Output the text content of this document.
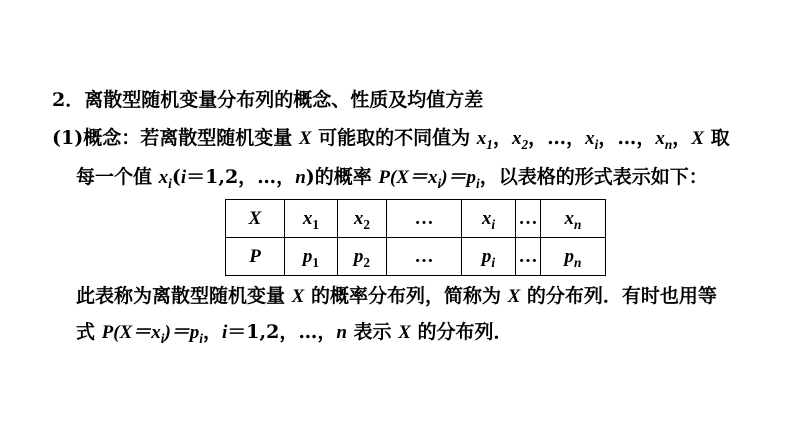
2．离散型随机变量分布列的概念、性质及均值方差
(1)概念：若离散型随机变量 X 可能取的不同值为 $x_1$，$x_2$，…，$x_i$，…，$x_n$，X 取
每一个值 $x_i(i=1,2$，…，n)的概率 $P(X=x_i)=p_i$，以表格的形式表示如下：
X	$x_1$	$x_2$	…	$x_i$	…	$x_n$
P	$p_1$	$p_2$	…	$p_i$	…	$p_n$
此表称为离散型随机变量 X 的概率分布列，简称为 X 的分布列．有时也用等
式 $P(X=x_i)=p_i$，i＝1,2，…，n 表示 X 的分布列．
